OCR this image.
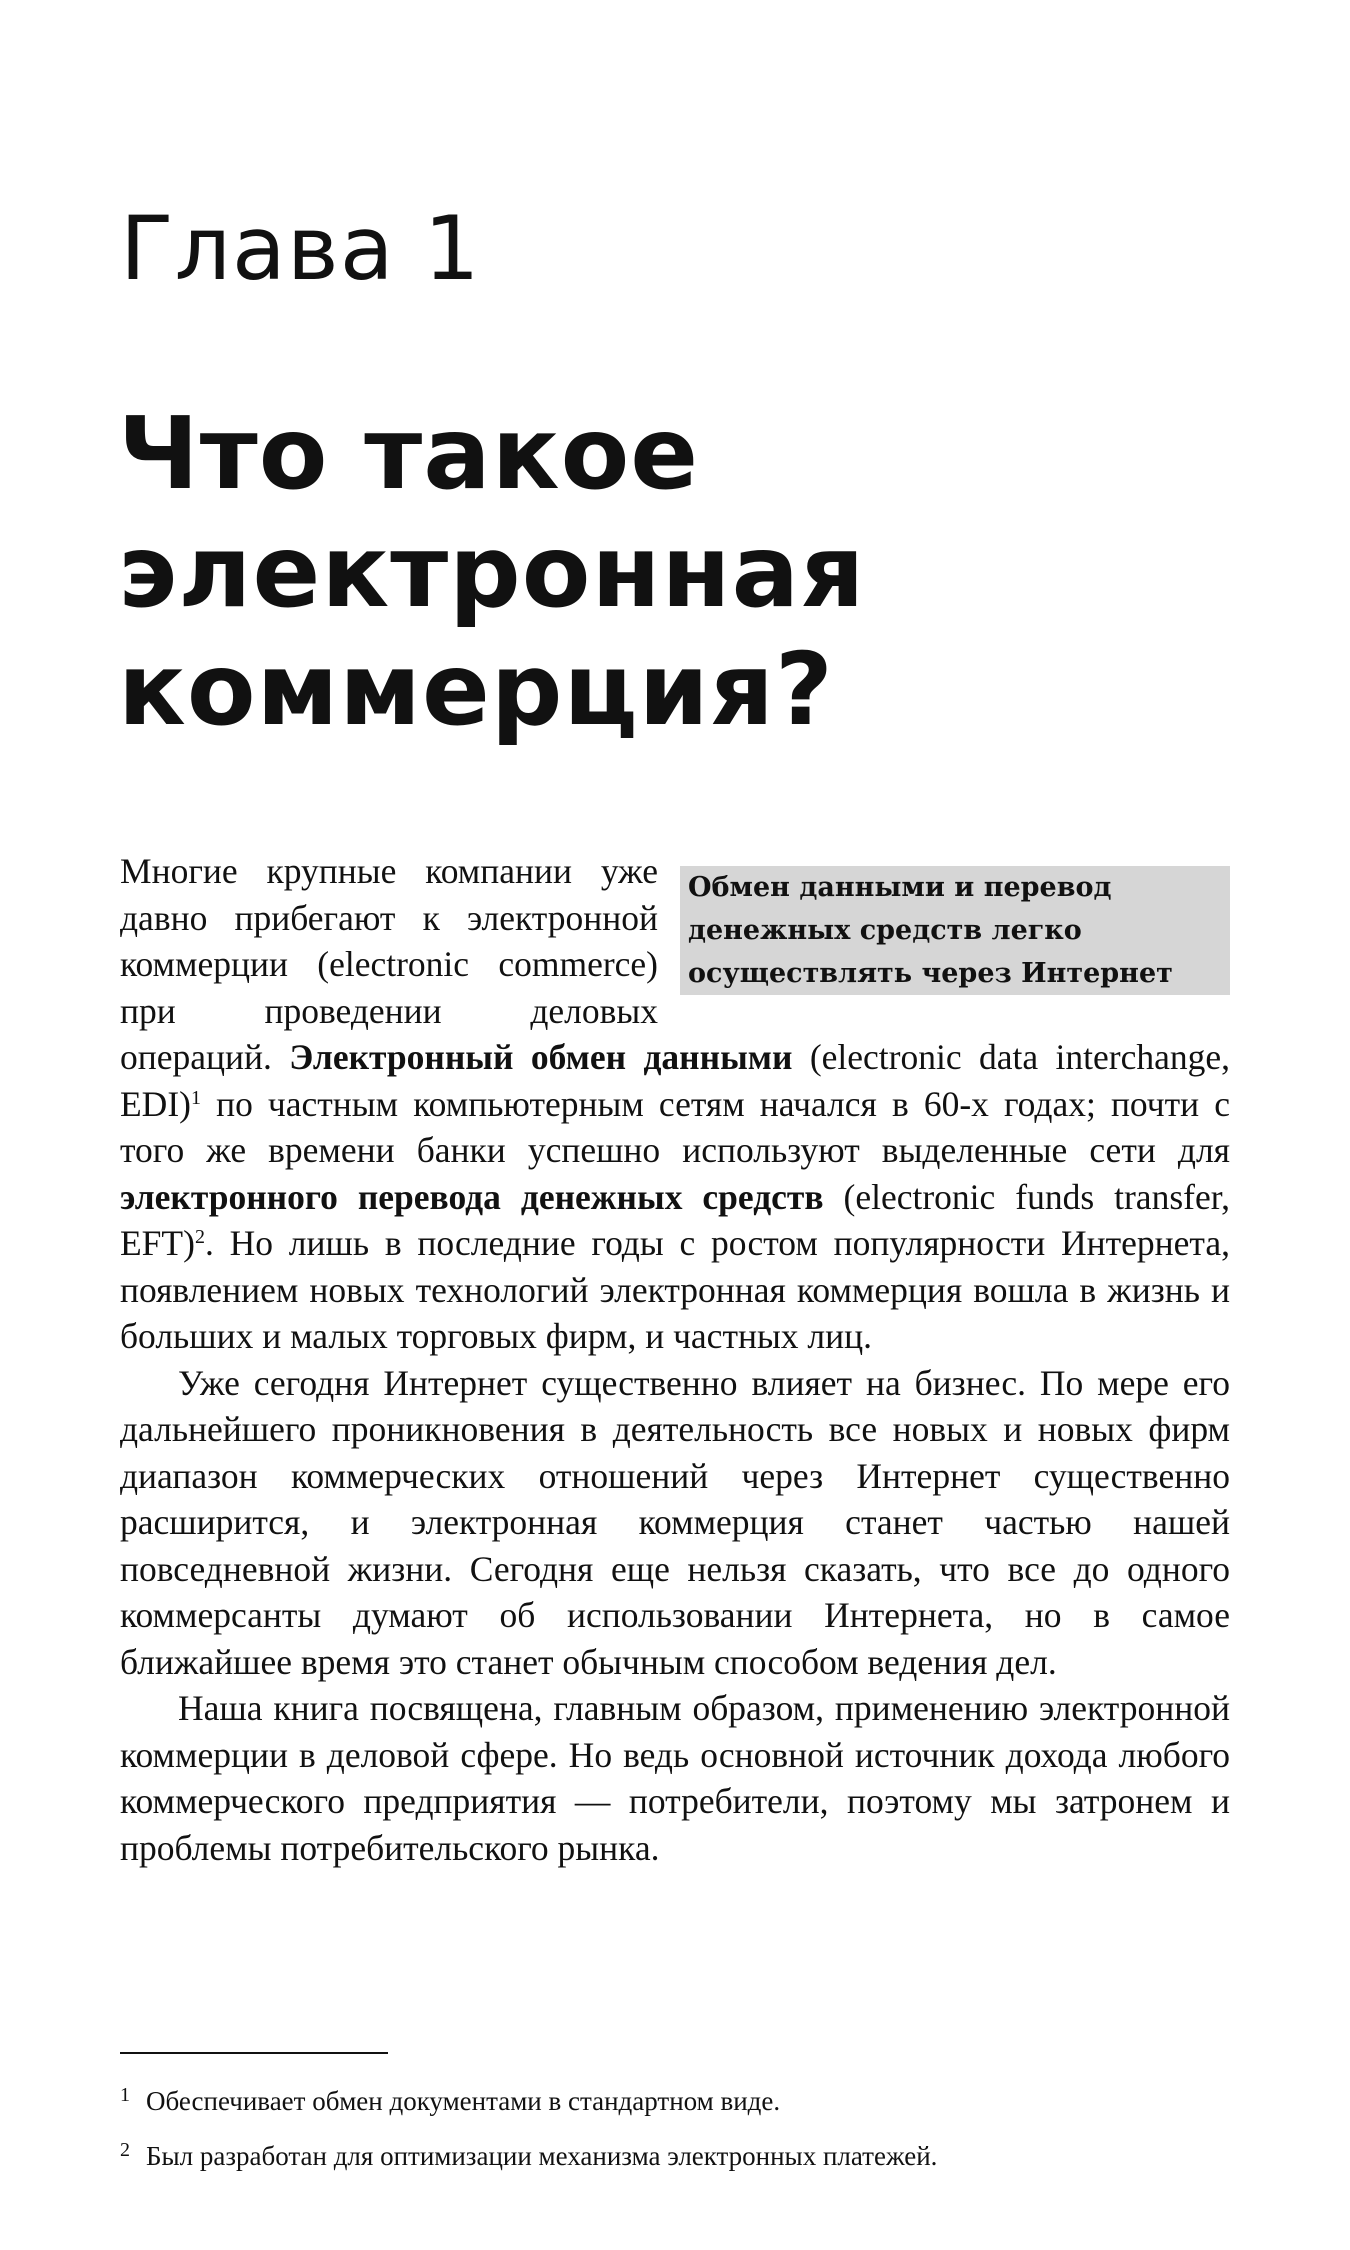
Глава 1
Что такое электронная коммерция?

Обмен данными и перевод денежных средств легко осуществлять через Интернет
Многие крупные компании уже давно прибегают к электронной коммерции (electronic commerce) при проведении деловых операций. Электронный обмен данными (electronic data interchange, EDI)$^1$ по частным компьютерным сетям начался в 60-х годах; почти с того же времени банки успешно используют выделенные сети для электронного перевода денежных средств (electronic funds transfer, EFT)$^2$. Но лишь в последние годы с ростом популярности Интернета, появлением новых технологий электронная коммерция вошла в жизнь и больших и малых торговых фирм, и частных лиц.

Уже сегодня Интернет существенно влияет на бизнес. По мере его дальнейшего проникновения в деятельность все новых и новых фирм диапазон коммерческих отношений через Интернет существенно расширится, и электронная коммерция станет частью нашей повседневной жизни. Сегодня еще нельзя сказать, что все до одного коммерсанты думают об использовании Интернета, но в самое ближайшее время это станет обычным способом ведения дел.

Наша книга посвящена, главным образом, применению электронной коммерции в деловой сфере. Но ведь основной источник дохода любого коммерческого предприятия — потребители, поэтому мы затронем и проблемы потребительского рынка.

1 Обеспечивает обмен документами в стандартном виде.

2 Был разработан для оптимизации механизма электронных платежей.
